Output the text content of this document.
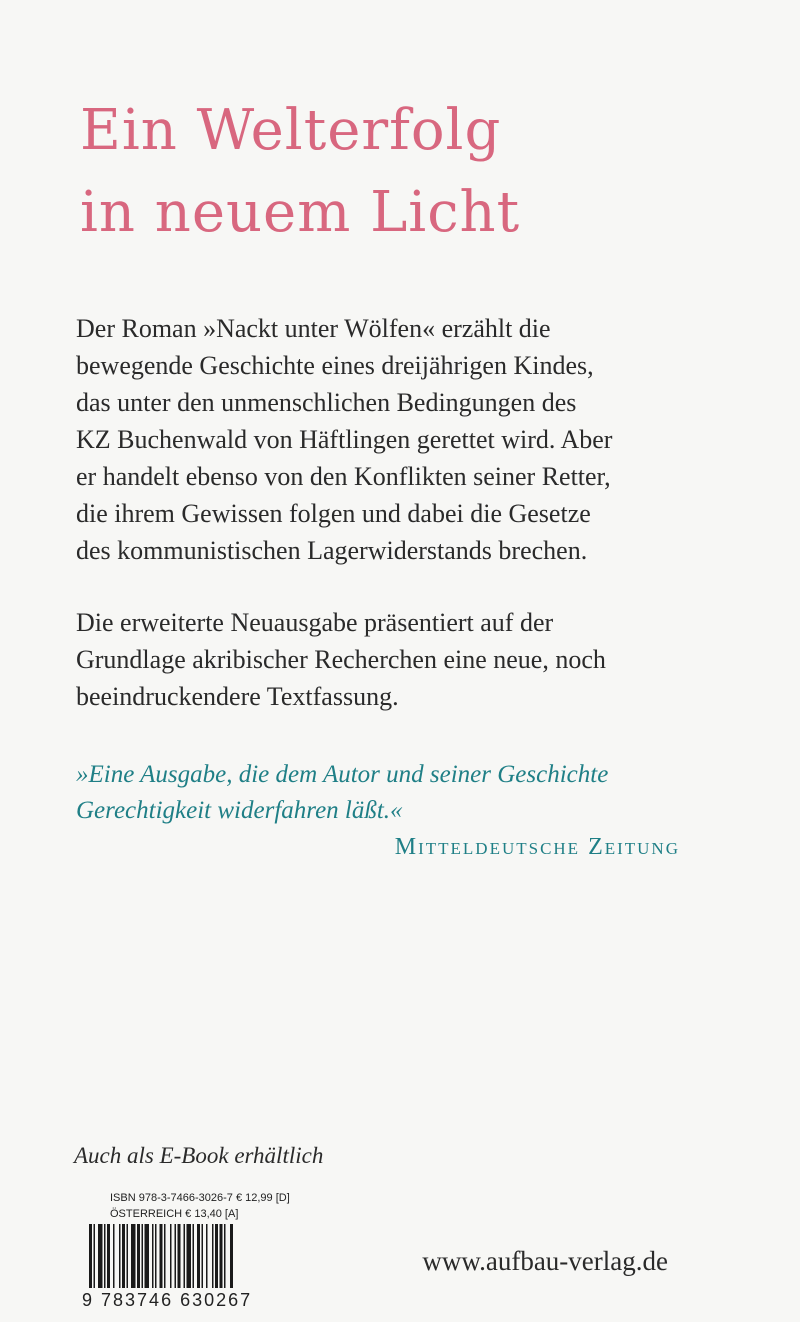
Ein Welterfolg
in neuem Licht

Der Roman »Nackt unter Wölfen« erzählt die
bewegende Geschichte eines dreijährigen Kindes,
das unter den unmenschlichen Bedingungen des
KZ Buchenwald von Häftlingen gerettet wird. Aber
er handelt ebenso von den Konflikten seiner Retter,
die ihrem Gewissen folgen und dabei die Gesetze
des kommunistischen Lagerwiderstands brechen.

Die erweiterte Neuausgabe präsentiert auf der
Grundlage akribischer Recherchen eine neue, noch
beeindruckendere Textfassung.

»Eine Ausgabe, die dem Autor und seiner Geschichte
Gerechtigkeit widerfahren läßt.«

Mitteldeutsche Zeitung

Auch als E-Book erhältlich

ISBN 978-3-7466-3026-7 € 12,99 [D]
ÖSTERREICH € 13,40 [A]
9 783746 630267

www.aufbau-verlag.de
